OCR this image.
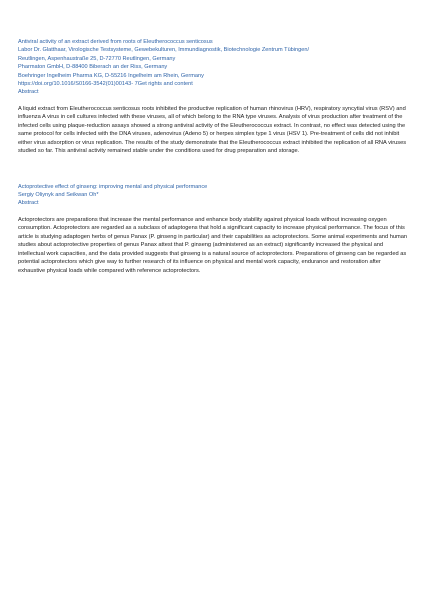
Antiviral activity of an extract derived from roots of Eleutherococcus senticosus
Labor Dr. Glatthaar, Virologische Testsysteme, Gewebekulturen, Immundiagnostik, Biotechnologie Zentrum Tübingen/
Reutlingen, Aspenhaustraße 25, D-72770 Reutlingen, Germany
Pharmaton GmbH, D-88400 Biberach an der Riss, Germany
Boehringer Ingelheim Pharma KG, D-55216 Ingelheim am Rhein, Germany
https://doi.org/10.1016/S0166-3542(01)00143- 7Get rights and content
Abstract
A liquid extract from Eleutherococcus senticosus roots inhibited the productive replication of human rhinovirus (HRV), respiratory syncytial virus (RSV) and influenza A virus in cell cultures infected with these viruses, all of which belong to the RNA type viruses. Analysis of virus production after treatment of the infected cells using plaque-reduction assays showed a strong antiviral activity of the Eleutherococcus extract. In contrast, no effect was detected using the same protocol for cells infected with the DNA viruses, adenovirus (Adeno 5) or herpes simplex type 1 virus (HSV 1). Pre-treatment of cells did not inhibit either virus adsorption or virus replication. The results of the study demonstrate that the Eleutherococcus extract inhibited the replication of all RNA viruses studied so far. This antiviral activity remained stable under the conditions used for drug preparation and storage.
Actoprotective effect of ginseng: improving mental and physical performance
Sergiy Oliynyk and Seikwan Oh*
Abstract
Actoprotectors are preparations that increase the mental performance and enhance body stability against physical loads without increasing oxygen consumption. Actoprotectors are regarded as a subclass of adaptogens that hold a significant capacity to increase physical performance. The focus of this article is studying adaptogen herbs of genus Panax (P. ginseng in particular) and their capabilities as actoprotectors. Some animal experiments and human studies about actoprotective properties of genus Panax attest that P. ginseng (administered as an extract) significantly increased the physical and intellectual work capacities, and the data provided suggests that ginseng is a natural source of actoprotectors. Preparations of ginseng can be regarded as potential actoprotectors which give way to further research of its influence on physical and mental work capacity, endurance and restoration after exhaustive physical loads while compared with reference actoprotectors.
